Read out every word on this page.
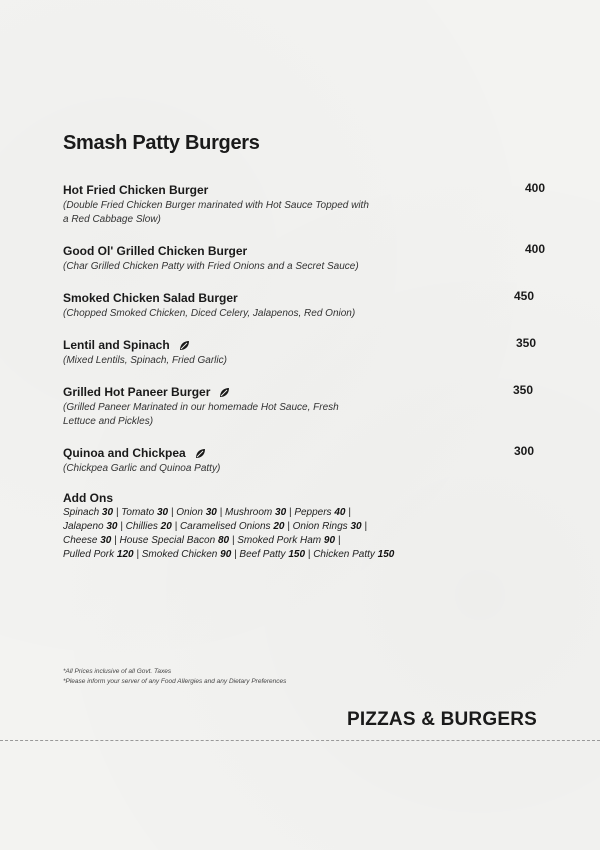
Smash Patty Burgers
Hot Fried Chicken Burger
(Double Fried Chicken Burger marinated with Hot Sauce Topped with a Red Cabbage Slow)
400
Good Ol' Grilled Chicken Burger
(Char Grilled Chicken Patty with Fried Onions and a Secret Sauce)
400
Smoked Chicken Salad Burger
(Chopped Smoked Chicken, Diced Celery, Jalapenos, Red Onion)
450
Lentil and Spinach
(Mixed Lentils, Spinach, Fried Garlic)
350
Grilled Hot Paneer Burger
(Grilled Paneer Marinated in our homemade Hot Sauce, Fresh Lettuce and Pickles)
350
Quinoa and Chickpea
(Chickpea Garlic and Quinoa Patty)
300
Add Ons
Spinach 30 | Tomato 30 | Onion 30 | Mushroom 30 | Peppers 40 |
Jalapeno 30 | Chillies 20 | Caramelised Onions 20 | Onion Rings 30 |
Cheese 30 | House Special Bacon 80 | Smoked Pork Ham 90 |
Pulled Pork 120 | Smoked Chicken 90 | Beef Patty 150 | Chicken Patty 150
*All Prices inclusive of all Govt. Taxes
*Please inform your server of any Food Allergies and any Dietary Preferences
PIZZAS & BURGERS
